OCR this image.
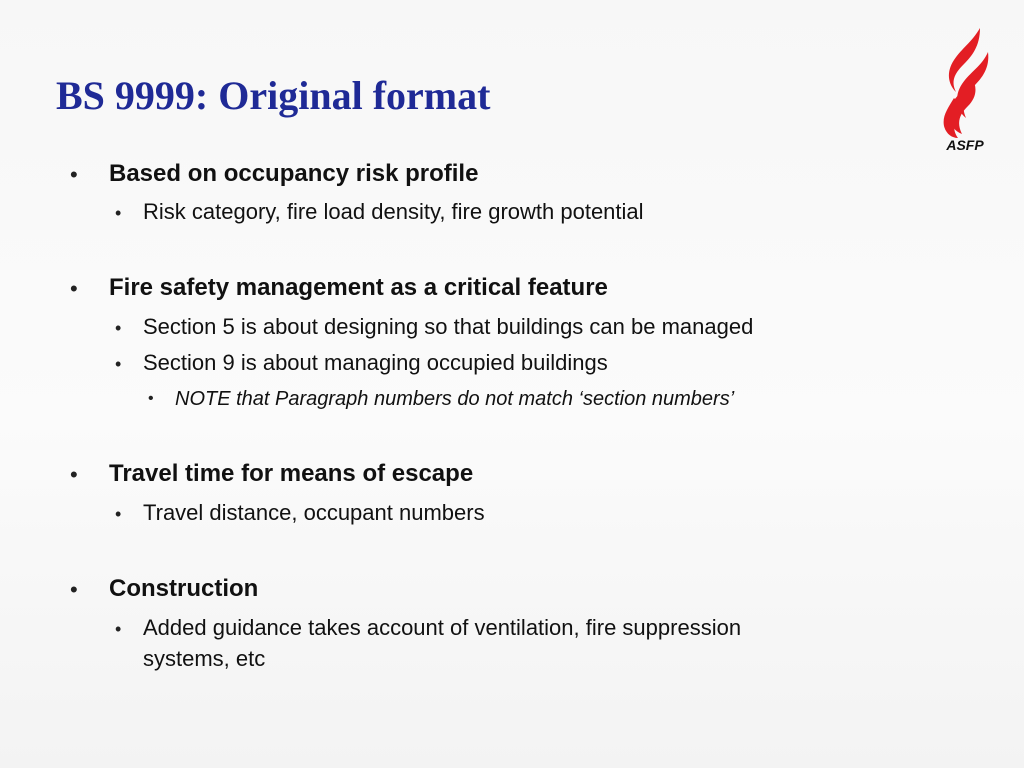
BS 9999: Original format
ASFP
• Based on occupancy risk profile
• Risk category, fire load density, fire growth potential
• Fire safety management as a critical feature
• Section 5 is about designing so that buildings can be managed
• Section 9 is about managing occupied buildings
• NOTE that Paragraph numbers do not match ‘section numbers’
• Travel time for means of escape
• Travel distance, occupant numbers
• Construction
• Added guidance takes account of ventilation, fire suppression
systems, etc
